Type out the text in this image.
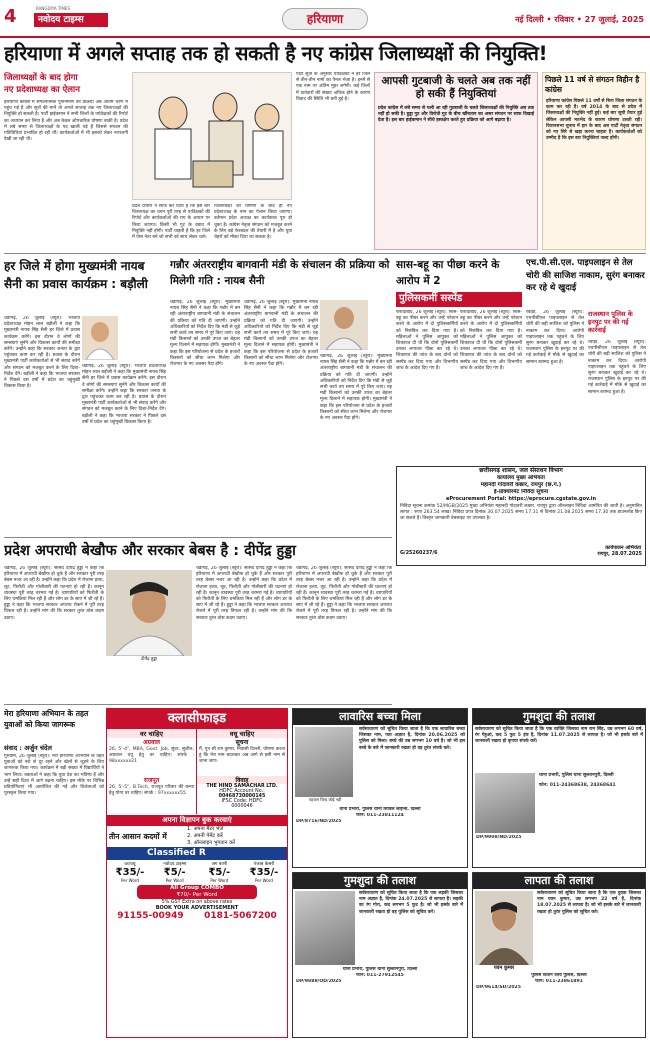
4	RANGDIYA TIMES
नवोदय टाइम्स	हरियाणा	नई दिल्ली • रविवार • 27 जुलाई, 2025
हरियाणा में अगले सप्ताह तक हो सकती है नए कांग्रेस जिलाध्यक्षों की नियुक्ति!
जिलाध्यक्षों के बाद होगा
नए प्रदेशाध्यक्ष का ऐलान
हरियाणा कांग्रेस में संगठनात्मक पुनर्निर्माण की प्रक्रिया अब अंतिम चरण में पहुंच गई है और सूत्रों की मानें तो अगले सप्ताह तक नए जिलाध्यक्षों की नियुक्ति हो सकती है। पार्टी हाईकमान ने सभी जिलों के पर्यवेक्षकों की रिपोर्ट का अध्ययन कर लिया है और अब केवल औपचारिक घोषणा बाकी है। प्रदेश में लंबे समय से जिलाध्यक्षों के पद खाली पड़े हैं जिससे संगठन की गतिविधियां प्रभावित हो रही थीं। कार्यकर्ताओं में भी इसको लेकर नाराजगी देखी जा रही थी।
प्रदेश प्रभारी ने साफ कर दिया है कि इस बार जिलाध्यक्ष का चयन पूरी तरह से पर्यवेक्षकों की रिपोर्ट और कार्यकर्ताओं की राय के आधार पर किया जाएगा। किसी भी गुट के दबाव में नियुक्ति नहीं होगी। पार्टी चाहती है कि हर जिले में ऐसा नेता बने जो सभी को साथ लेकर चले।
जिलाध्यक्षों की घोषणा के बाद ही नए प्रदेशाध्यक्ष के नाम का ऐलान किया जाएगा। वर्तमान प्रदेश अध्यक्ष का कार्यकाल पूरा हो चुका है। कांग्रेस नेतृत्व संगठन को मजबूत करने के लिए बड़े फेरबदल की तैयारी में है और युवा चेहरों को मौका दिया जा सकता है।
पार्टी सूत्रों के अनुसार पर्यवेक्षकों ने हर जिले से तीन-तीन नामों का पैनल भेजा है। इनमें से एक नाम पर अंतिम मुहर लगेगी। कई जिलों में दावेदारों की संख्या अधिक होने के कारण विवाद की स्थिति भी बनी हुई है।
आपसी गुटबाजी के चलते अब तक नहीं हो सकी हैं नियुक्तियां
प्रदेश कांग्रेस में लंबे समय से चली आ रही गुटबाजी के चलते जिलाध्यक्षों की नियुक्ति अब तक नहीं हो सकी है। हुड्डा गुट और विरोधी गुट के बीच खींचतान का असर संगठन पर साफ दिखाई देता है। इस बार हाईकमान ने सीधे हस्तक्षेप करते हुए प्रक्रिया को आगे बढ़ाया है।
पिछले 11 वर्ष से संगठन विहीन है कांग्रेस
हरियाणा कांग्रेस पिछले 11 वर्षों से बिना जिला संगठन के काम कर रही है। वर्ष 2014 के बाद से प्रदेश में जिलाध्यक्षों की नियुक्ति नहीं हुई। कई बार सूची तैयार हुई लेकिन आपसी मतभेद के कारण घोषणा टलती रही। विधानसभा चुनाव में हार के बाद अब पार्टी नेतृत्व संगठन को नए सिरे से खड़ा करना चाहता है। कार्यकर्ताओं को उम्मीद है कि इस बार नियुक्तियां जल्द होंगी।
हर जिले में होगा मुख्यमंत्री नायब सैनी का प्रवास कार्यक्रम : बड़ौली
चंडीगढ़, 26 जुलाई (ब्यूरो): भाजपा प्रदेशाध्यक्ष मोहन लाल बड़ौली ने कहा कि मुख्यमंत्री नायब सिंह सैनी हर जिले में प्रवास कार्यक्रम करेंगे। इस दौरान वे लोगों की समस्याएं सुनेंगे और विकास कार्यों की समीक्षा करेंगे। उन्होंने कहा कि सरकार जनता के द्वार पहुंचकर काम कर रही है। प्रवास के दौरान मुख्यमंत्री पार्टी कार्यकर्ताओं से भी संवाद करेंगे और संगठन को मजबूत करने के लिए दिशा-निर्देश देंगे। बड़ौली ने कहा कि भाजपा सरकार ने पिछले दस वर्षों में प्रदेश का चहुंमुखी विकास किया है।
चंडीगढ़, 26 जुलाई (ब्यूरो): भाजपा प्रदेशाध्यक्ष मोहन लाल बड़ौली ने कहा कि मुख्यमंत्री नायब सिंह सैनी हर जिले में प्रवास कार्यक्रम करेंगे। इस दौरान वे लोगों की समस्याएं सुनेंगे और विकास कार्यों की समीक्षा करेंगे। उन्होंने कहा कि सरकार जनता के द्वार पहुंचकर काम कर रही है। प्रवास के दौरान मुख्यमंत्री पार्टी कार्यकर्ताओं से भी संवाद करेंगे और संगठन को मजबूत करने के लिए दिशा-निर्देश देंगे। बड़ौली ने कहा कि भाजपा सरकार ने पिछले दस वर्षों में प्रदेश का चहुंमुखी विकास किया है।
गन्नौर अंतरराष्ट्रीय बागवानी मंडी के संचालन की प्रक्रिया को मिलेगी गति : नायब सैनी
चंडीगढ़, 26 जुलाई (ब्यूरो): मुख्यमंत्री नायब सिंह सैनी ने कहा कि गन्नौर में बन रही अंतरराष्ट्रीय बागवानी मंडी के संचालन की प्रक्रिया को गति दी जाएगी। उन्होंने अधिकारियों को निर्देश दिए कि मंडी से जुड़े सभी कार्य तय समय में पूरे किए जाएं। यह मंडी किसानों को उनकी उपज का बेहतर मूल्य दिलाने में सहायक होगी। मुख्यमंत्री ने कहा कि इस परियोजना से प्रदेश के हजारों किसानों को सीधा लाभ मिलेगा और रोजगार के नए अवसर पैदा होंगे।
चंडीगढ़, 26 जुलाई (ब्यूरो): मुख्यमंत्री नायब सिंह सैनी ने कहा कि गन्नौर में बन रही अंतरराष्ट्रीय बागवानी मंडी के संचालन की प्रक्रिया को गति दी जाएगी। उन्होंने अधिकारियों को निर्देश दिए कि मंडी से जुड़े सभी कार्य तय समय में पूरे किए जाएं। यह मंडी किसानों को उनकी उपज का बेहतर मूल्य दिलाने में सहायक होगी। मुख्यमंत्री ने कहा कि इस परियोजना से प्रदेश के हजारों किसानों को सीधा लाभ मिलेगा और रोजगार के नए अवसर पैदा होंगे।
चंडीगढ़, 26 जुलाई (ब्यूरो): मुख्यमंत्री नायब सिंह सैनी ने कहा कि गन्नौर में बन रही अंतरराष्ट्रीय बागवानी मंडी के संचालन की प्रक्रिया को गति दी जाएगी। उन्होंने अधिकारियों को निर्देश दिए कि मंडी से जुड़े सभी कार्य तय समय में पूरे किए जाएं। यह मंडी किसानों को उनकी उपज का बेहतर मूल्य दिलाने में सहायक होगी। मुख्यमंत्री ने कहा कि इस परियोजना से प्रदेश के हजारों किसानों को सीधा लाभ मिलेगा और रोजगार के नए अवसर पैदा होंगे।
सास-बहू का पीछा करने के आरोप में 2
पुलिसकर्मी सस्पेंड
फरीदाबाद, 26 जुलाई (ब्यूरो): सास-बहू का पीछा करने और उन्हें परेशान करने के आरोप में दो पुलिसकर्मियों को निलंबित कर दिया गया है। महिलाओं ने पुलिस आयुक्त को शिकायत दी थी कि दोनों पुलिसकर्मी उनका लगातार पीछा कर रहे थे। शिकायत की जांच के बाद दोनों को सस्पेंड कर दिया गया और विभागीय जांच के आदेश दिए गए हैं।
फरीदाबाद, 26 जुलाई (ब्यूरो): सास-बहू का पीछा करने और उन्हें परेशान करने के आरोप में दो पुलिसकर्मियों को निलंबित कर दिया गया है। महिलाओं ने पुलिस आयुक्त को शिकायत दी थी कि दोनों पुलिसकर्मी उनका लगातार पीछा कर रहे थे। शिकायत की जांच के बाद दोनों को सस्पेंड कर दिया गया और विभागीय जांच के आदेश दिए गए हैं।
एच.पी.सी.एल. पाइपलाइन से तेल चोरी की साजिश नाकाम, सुरंग बनाकर कर रहे थे खुदाई
रेवाड़ी, 26 जुलाई (ब्यूरो): एचपीसीएल पाइपलाइन से तेल चोरी की बड़ी साजिश को पुलिस ने नाकाम कर दिया। आरोपी पाइपलाइन तक पहुंचने के लिए सुरंग बनाकर खुदाई कर रहे थे। राजस्थान पुलिस के इनपुट पर की गई कार्रवाई में मौके से खुदाई का सामान बरामद हुआ है।
राजस्थान पुलिस के इनपुट पर की गई कार्रवाई
रेवाड़ी, 26 जुलाई (ब्यूरो): एचपीसीएल पाइपलाइन से तेल चोरी की बड़ी साजिश को पुलिस ने नाकाम कर दिया। आरोपी पाइपलाइन तक पहुंचने के लिए सुरंग बनाकर खुदाई कर रहे थे। राजस्थान पुलिस के इनपुट पर की गई कार्रवाई में मौके से खुदाई का सामान बरामद हुआ है।
छत्तीसगढ़ शासन, जल संसाधन विभाग
कार्यालय मुख्य अभियंता
महानदी गोदावरी कछार, रायपुर (छ.ग.)
ई-प्रोक्योरमेंट निविदा सूचना
eProcurement Portal: https://eprocure.cgstate.gov.in
निविदा सूचना क्रमांक 52/MGB/2025 मुख्य अभियंता महानदी गोदावरी कछार, रायपुर द्वारा ऑनलाइन निविदा आमंत्रित की जाती है। अनुमानित लागत : रुपए 263.54 लाख। निविदा प्रपत्र दिनांक 30.07.2025 समय 17.31 से दिनांक 21.08.2025 समय 17.30 तक डाउनलोड किए जा सकते हैं। विस्तृत जानकारी वेबसाइट पर उपलब्ध है।
कार्यपालन अभियंता
G/25260237/6	रायपुर, 28.07.2025
प्रदेश अपराधी बेखौफ और सरकार बेबस है : दीपेंद्र हुड्डा
चंडीगढ़, 26 जुलाई (ब्यूरो): सांसद दीपेंद्र हुड्डा ने कहा कि हरियाणा में अपराधी बेखौफ हो चुके हैं और सरकार पूरी तरह बेबस नजर आ रही है। उन्होंने कहा कि प्रदेश में रोजाना हत्या, लूट, फिरौती और गोलीबारी की घटनाएं हो रही हैं। कानून व्यवस्था पूरी तरह चरमरा गई है। व्यापारियों को फिरौती के लिए धमकियां मिल रही हैं और लोग डर के साए में जी रहे हैं। हुड्डा ने कहा कि भाजपा सरकार अपराध रोकने में पूरी तरह विफल रही है। उन्होंने मांग की कि सरकार तुरंत ठोस कदम उठाए।
दीपेंद्र हुड्डा
चंडीगढ़, 26 जुलाई (ब्यूरो): सांसद दीपेंद्र हुड्डा ने कहा कि हरियाणा में अपराधी बेखौफ हो चुके हैं और सरकार पूरी तरह बेबस नजर आ रही है। उन्होंने कहा कि प्रदेश में रोजाना हत्या, लूट, फिरौती और गोलीबारी की घटनाएं हो रही हैं। कानून व्यवस्था पूरी तरह चरमरा गई है। व्यापारियों को फिरौती के लिए धमकियां मिल रही हैं और लोग डर के साए में जी रहे हैं। हुड्डा ने कहा कि भाजपा सरकार अपराध रोकने में पूरी तरह विफल रही है। उन्होंने मांग की कि सरकार तुरंत ठोस कदम उठाए।
चंडीगढ़, 26 जुलाई (ब्यूरो): सांसद दीपेंद्र हुड्डा ने कहा कि हरियाणा में अपराधी बेखौफ हो चुके हैं और सरकार पूरी तरह बेबस नजर आ रही है। उन्होंने कहा कि प्रदेश में रोजाना हत्या, लूट, फिरौती और गोलीबारी की घटनाएं हो रही हैं। कानून व्यवस्था पूरी तरह चरमरा गई है। व्यापारियों को फिरौती के लिए धमकियां मिल रही हैं और लोग डर के साए में जी रहे हैं। हुड्डा ने कहा कि भाजपा सरकार अपराध रोकने में पूरी तरह विफल रही है। उन्होंने मांग की कि सरकार तुरंत ठोस कदम उठाए।
मेरा हरियाणा अभियान के तहत युवाओं को किया जागरूक
संवाद : अर्जुन चंदेल
गुरुग्राम, 26 जुलाई (ब्यूरो): मेरा हरियाणा अभियान के तहत युवाओं को नशे से दूर रहने और खेलों से जुड़ने के लिए जागरूक किया गया। कार्यक्रम में बड़ी संख्या में विद्यार्थियों ने भाग लिया। वक्ताओं ने कहा कि युवा देश का भविष्य हैं और उन्हें सही दिशा में आगे बढ़ना चाहिए। इस मौके पर विभिन्न प्रतियोगिताएं भी आयोजित की गईं और विजेताओं को पुरस्कृत किया गया।
क्लासीफाइड
वर चाहिए
अग्रवाल
26, 5'-4", MBA, Govt. Job, सुंदर, सुशील, अग्रवाल वधू हेतु वर चाहिए। संपर्क : 98xxxxxx21
राजपूत
26, 5'-5", B.Tech, राजपूत परिवार की कन्या हेतु योग्य वर चाहिए। संपर्क : 97xxxxxx55
वधू चाहिए
सूचना
मैं, पुत्र श्री राम कुमार, निवासी दिल्ली, घोषणा करता हूं कि मेरा नाम बदलकर अब आगे से इसी नाम से जाना जाए।
विवाह
THE HIND SAMACHAR LTD.
HDFC Account No.:
00468730000145
IFSC Code: HDFC
0000046
अपना विज्ञापन बुक करवाएं
तीन आसान कदमों में
1. अपना मैटर भेजें
2. अपनी पेमेंट करें
3. ऑनलाइन भुगतान करें
Classified R
वर/वधू
₹35/-
Per Word
नवोदय टाइम्स
₹5/-
Per Word
जग बाणी
₹5/-
Per Word
पंजाब केसरी
₹35/-
Per Word
All Group COMBO
₹70/- Per Word
5% GST Extra on above rates
BOOK YOUR ADVERTISEMENT
91155-00949 0181-5067200
लावारिस बच्चा मिला
पहचान चिन्ह कोई नहीं
सर्वसाधारण को सूचित किया जाता है कि एक लावारिस बच्चा जिसका नाम, पता अज्ञात है, दिनांक 20.06.2025 को पुलिस को मिला। बच्चे की उम्र लगभग 10 वर्ष है। जो भी इस बच्चे के बारे में जानकारी रखता हो वह तुरंत संपर्क करे।
थाना प्रभारी, पुलिस थाना सिविल लाइन्स, दिल्ली
फोन: 011-23811124
DP/8716/ND/2025
गुमशुदा की तलाश
सर्वसाधारण को सूचित किया जाता है कि एक व्यक्ति जिसका नाम राम सिंह, उम्र लगभग 60 वर्ष, रंग गेहुआं, कद 5 फुट 5 इंच है, दिनांक 11.07.2025 से लापता है। जो भी इसके बारे में जानकारी रखता हो कृपया संपर्क करें।
थाना प्रभारी, पुलिस थाना सुल्तानपुरी, दिल्ली
फोन: 011-24368638, 24368641
DP/9908/ND/2025
गुमशुदा की तलाश
सर्वसाधारण को सूचित किया जाता है कि एक लड़की जिसका नाम अज्ञात है, दिनांक 24.07.2025 से लापता है। लड़की का रंग गोरा, कद लगभग 5 फुट है। जो भी इसके बारे में जानकारी रखता हो वह पुलिस को सूचित करे।
थाना प्रभारी, पुलिस थाना सुल्तानपुरी, दिल्ली
फोन: 011-27912545
DP/9888/OD/2025
लापता की तलाश
पवन कुमार
सर्वसाधारण को सूचित किया जाता है कि एक युवक जिसका नाम पवन कुमार, उम्र लगभग 22 वर्ष है, दिनांक 18.07.2025 से लापता है। जो भी इसके बारे में जानकारी रखता हो तुरंत पुलिस को सूचित करे।
पुलिस स्टेशन रेलवे पुलिस, दिल्ली
फोन: 011-23861891
DP/9614/SD/2025
